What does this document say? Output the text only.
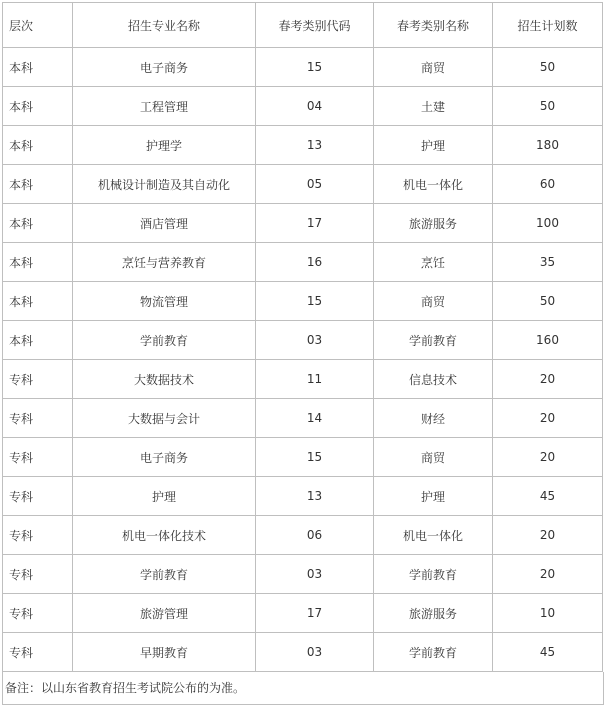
层次	招生专业名称	春考类别代码	春考类别名称	招生计划数
本科	电子商务	15	商贸	50
本科	工程管理	04	土建	50
本科	护理学	13	护理	180
本科	机械设计制造及其自动化	05	机电一体化	60
本科	酒店管理	17	旅游服务	100
本科	烹饪与营养教育	16	烹饪	35
本科	物流管理	15	商贸	50
本科	学前教育	03	学前教育	160
专科	大数据技术	11	信息技术	20
专科	大数据与会计	14	财经	20
专科	电子商务	15	商贸	20
专科	护理	13	护理	45
专科	机电一体化技术	06	机电一体化	20
专科	学前教育	03	学前教育	20
专科	旅游管理	17	旅游服务	10
专科	早期教育	03	学前教育	45
备注：以山东省教育招生考试院公布的为准。
